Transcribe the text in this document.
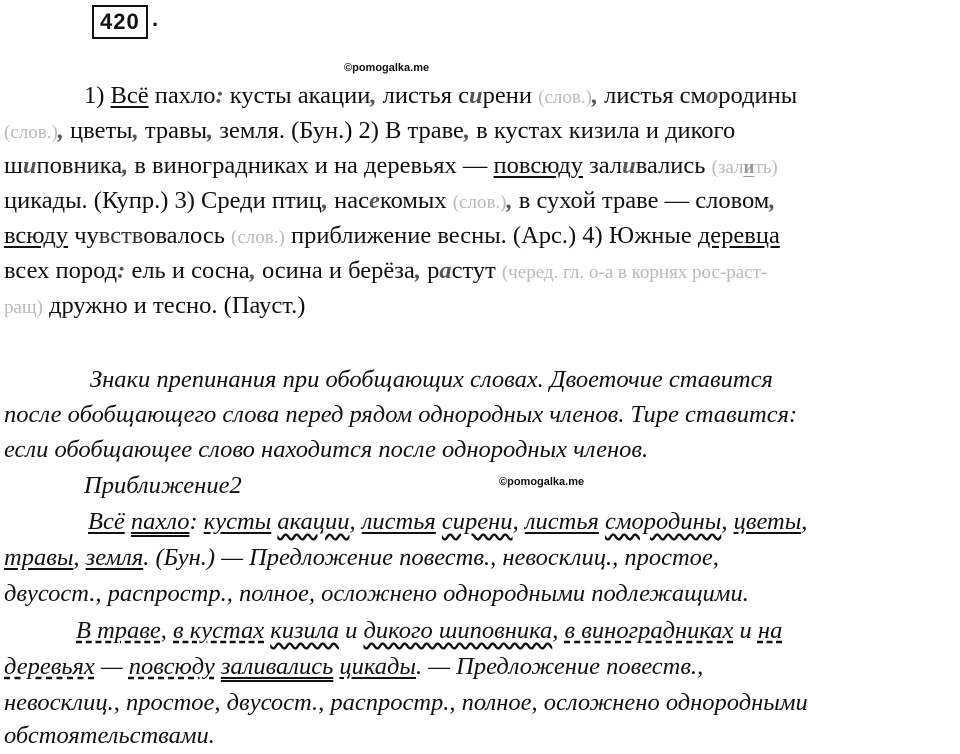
420 .
©pomogalka.me
©pomogalka.me
1) Всё пахло: кусты акации, листья сирени (слов.), листья смородины
(слов.), цветы, травы, земля. (Бун.) 2) В траве, в кустах кизила и дикого
шиповника, в виноградниках и на деревьях — повсюду заливались (залить)
цикады. (Купр.) 3) Среди птиц, насекомых (слов.), в сухой траве — словом,
всюду чувствовалось (слов.) приближение весны. (Арс.) 4) Южные деревца
всех пород: ель и сосна, осина и берёза, растут (черед. гл. о-а в корнях рос-раст-
ращ) дружно и тесно. (Пауст.)
Знаки препинания при обобщающих словах. Двоеточие ставится
после обобщающего слова перед рядом однородных членов. Тире ставится:
если обобщающее слово находится после однородных членов.
Приближение2
Всё пахло: кусты акации, листья сирени, листья смородины, цветы,
травы, земля. (Бун.) — Предложение повеств., невосклиц., простое,
двусост., распростр., полное, осложнено однородными подлежащими.
В траве, в кустах кизила и дикого шиповника, в виноградниках и на
деревьях — повсюду заливались цикады. — Предложение повеств.,
невосклиц., простое, двусост., распростр., полное, осложнено однородными
обстоятельствами.
